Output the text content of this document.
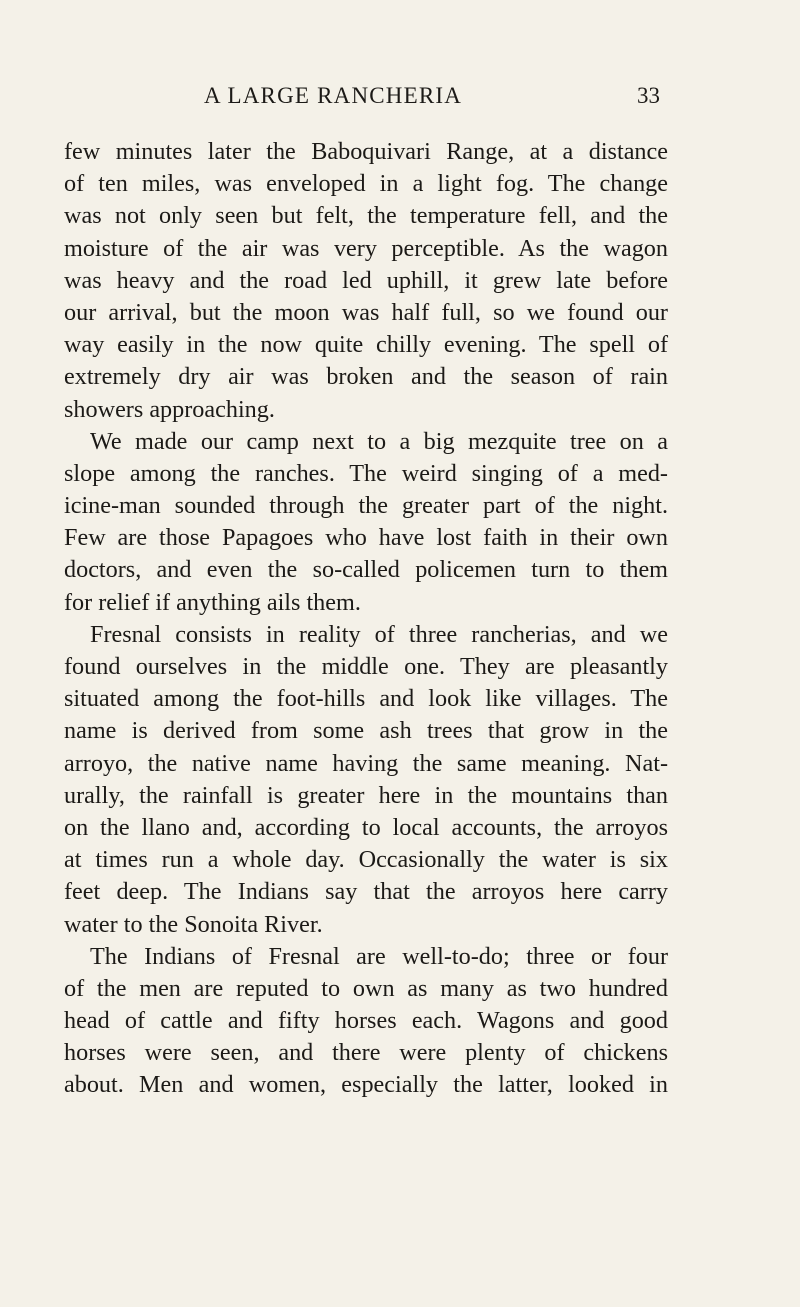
A LARGE RANCHERIA	33
few minutes later the Baboquivari Range, at a distance
of ten miles, was enveloped in a light fog. The change
was not only seen but felt, the temperature fell, and the
moisture of the air was very perceptible. As the wagon
was heavy and the road led uphill, it grew late before
our arrival, but the moon was half full, so we found our
way easily in the now quite chilly evening. The spell of
extremely dry air was broken and the season of rain
showers approaching.
We made our camp next to a big mezquite tree on a
slope among the ranches. The weird singing of a med-
icine-man sounded through the greater part of the night.
Few are those Papagoes who have lost faith in their own
doctors, and even the so-called policemen turn to them
for relief if anything ails them.
Fresnal consists in reality of three rancherias, and we
found ourselves in the middle one. They are pleasantly
situated among the foot-hills and look like villages. The
name is derived from some ash trees that grow in the
arroyo, the native name having the same meaning. Nat-
urally, the rainfall is greater here in the mountains than
on the llano and, according to local accounts, the arroyos
at times run a whole day. Occasionally the water is six
feet deep. The Indians say that the arroyos here carry
water to the Sonoita River.
The Indians of Fresnal are well-to-do; three or four
of the men are reputed to own as many as two hundred
head of cattle and fifty horses each. Wagons and good
horses were seen, and there were plenty of chickens
about. Men and women, especially the latter, looked in
